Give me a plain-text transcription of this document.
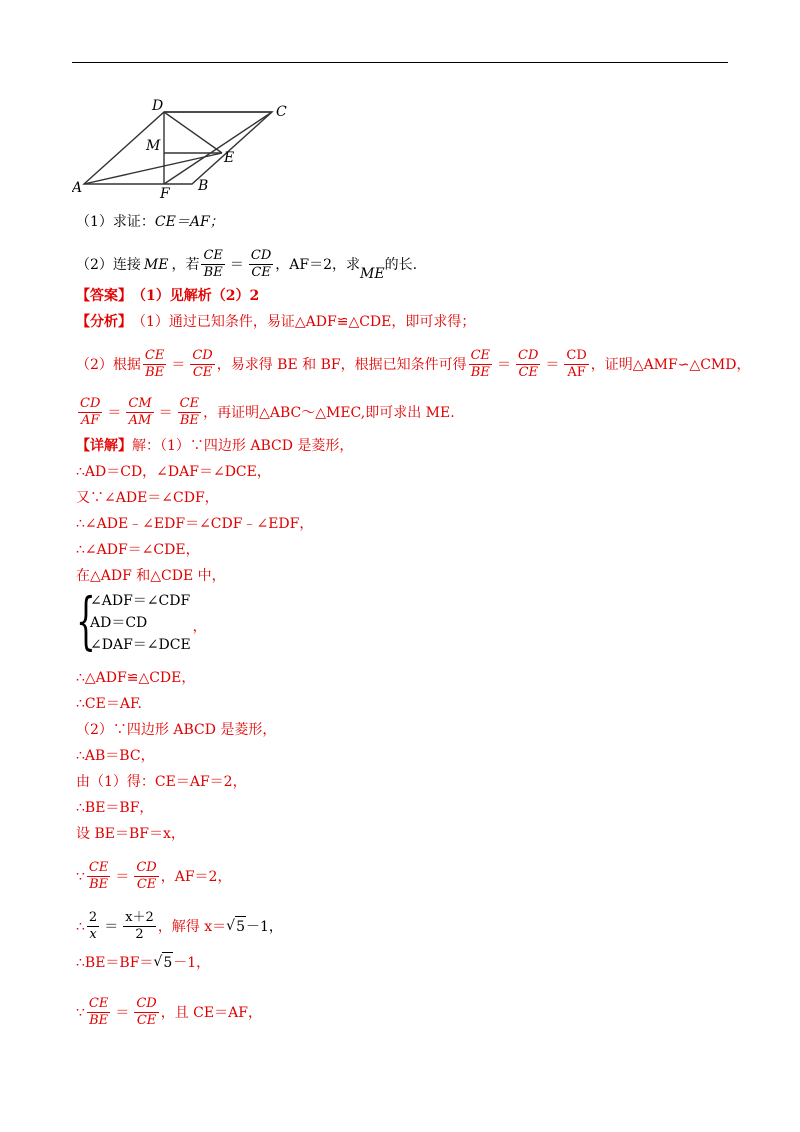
A	B
C
D
E
F
M
（1）求证： CE＝AF；
（2）连接 ME ，若 $\frac{CE}{BE} = \frac{CD}{CE}$ ，AF＝2，求
ME
的长.
【答案】 （1）见解析（2）2
【分析】 （1）通过已知条件，易证△ADF≌△CDE，即可求得；
（2）根据 $\frac{CE}{BE} = \frac{CD}{CE}$ ，易求得 BE 和 BF，根据已知条件可得 $\frac{CE}{BE} = \frac{CD}{CE} = \frac{CD}{AF}$ ，证明△AMF∽△CMD，
$\frac{CD}{AF} = \frac{CM}{AM} = \frac{CE}{BE}$ ，再证明△ABC～△MEC,即可求出 ME.
【详解】 解：（1）∵四边形 ABCD 是菱形，
∴AD＝CD，∠DAF＝∠DCE，
又∵∠ADE＝∠CDF，
∴∠ADE﹣∠EDF＝∠CDF﹣∠EDF，
∴∠ADF＝∠CDE，
在△ADF 和△CDE 中，
{
∠ADF＝∠CDF
AD＝CD
∠DAF＝∠DCE
，
∴△ADF≌△CDE，
∴CE＝AF.
（2）∵四边形 ABCD 是菱形，
∴AB＝BC，
由（1）得：CE＝AF＝2，
∴BE＝BF，
设 BE＝BF＝x，
∵ $\frac{CE}{BE} = \frac{CD}{CE}$ ，AF＝2，
∴ $\frac{2}{x} = \frac{x+2}{2}$ ，解得 x＝ √ 5 －1，
∴BE＝BF＝ √ 5 －1，
∵ $\frac{CE}{BE} = \frac{CD}{CE}$ ，且 CE＝AF，
